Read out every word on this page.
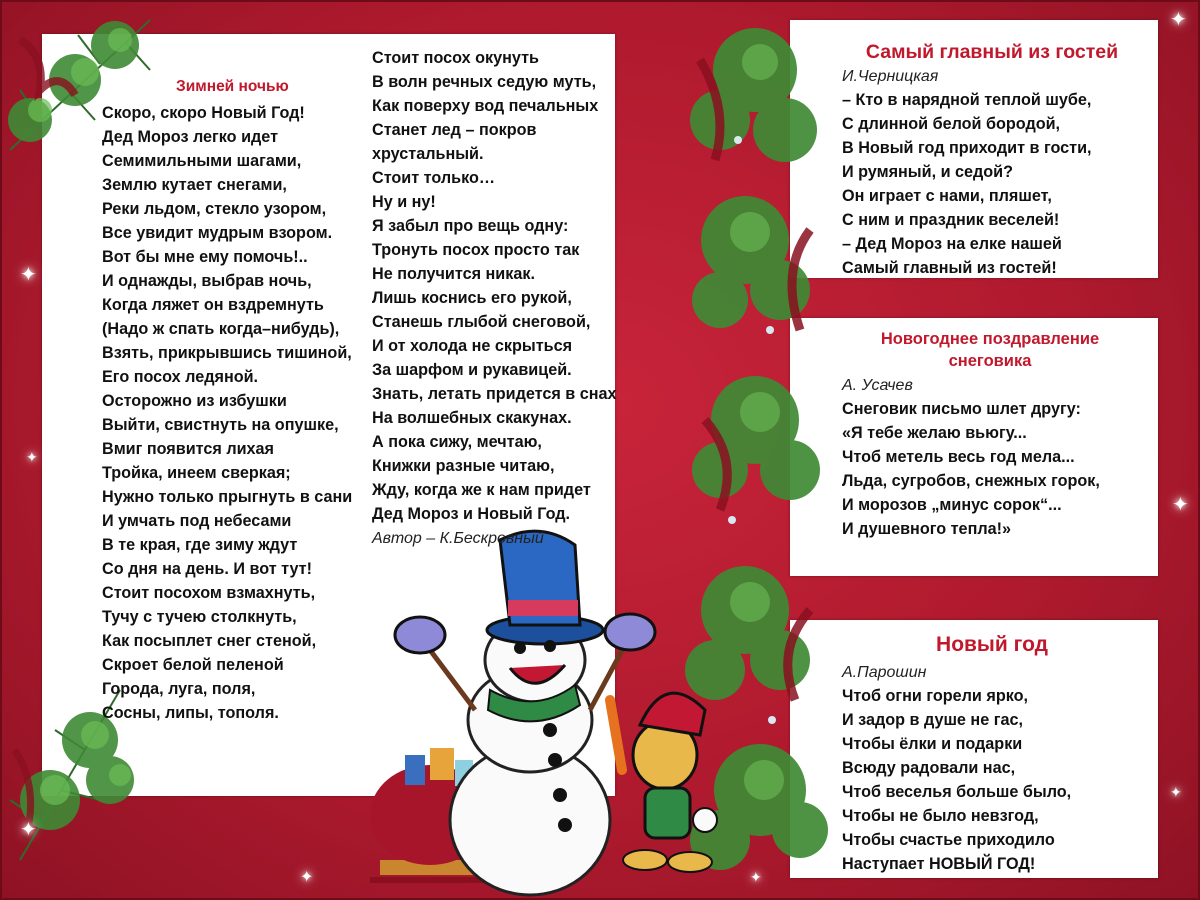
✦
✦
✦
✦
✦
✦
✦
✦
Зимней ночью
Скоро, скоро Новый Год!
Дед Мороз легко идет
Семимильными шагами,
Землю кутает снегами,
Реки льдом, стекло узором,
Все увидит мудрым взором.
Вот бы мне ему помочь!..
И однажды, выбрав ночь,
Когда ляжет он вздремнуть
(Надо ж спать когда–нибудь),
Взять, прикрывшись тишиной,
Его посох ледяной.
Осторожно из избушки
Выйти, свистнуть на опушке,
Вмиг появится лихая
Тройка, инеем сверкая;
Нужно только прыгнуть в сани
И умчать под небесами
В те края, где зиму ждут
Со дня на день. И вот тут!
Стоит посохом взмахнуть,
Тучу с тучею столкнуть,
Как посыплет снег стеной,
Скроет белой пеленой
Города, луга, поля,
Сосны, липы, тополя.
Стоит посох окунуть
В волн речных седую муть,
Как поверху вод печальных
Станет лед – покров
хрустальный.
Стоит только…
Ну и ну!
Я забыл про вещь одну:
Тронуть посох просто так
Не получится никак.
Лишь коснись его рукой,
Станешь глыбой снеговой,
И от холода не скрыться
За шарфом и рукавицей.
Знать, летать придется в снах
На волшебных скакунах.
А пока сижу, мечтаю,
Книжки разные читаю,
Жду, когда же к нам придет
Дед Мороз и Новый Год.
Автор – К.Бескровный
Самый главный из гостей
И.Черницкая
– Кто в нарядной теплой шубе,
С длинной белой бородой,
В Новый год приходит в гости,
И румяный, и седой?
Он играет с нами, пляшет,
С ним и праздник веселей!
– Дед Мороз на елке нашей
Самый главный из гостей!
Новогоднее поздравление
снеговика
А. Усачев
Снеговик письмо шлет другу:
«Я тебе желаю вьюгу...
Чтоб метель весь год мела...
Льда, сугробов, снежных горок,
И морозов „минус сорок“...
И душевного тепла!»
Новый год
А.Парошин
Чтоб огни горели ярко,
И задор в душе не гас,
Чтобы ёлки и подарки
Всюду радовали нас,
Чтоб веселья больше было,
Чтобы не было невзгод,
Чтобы счастье приходило
Наступает НОВЫЙ ГОД!
